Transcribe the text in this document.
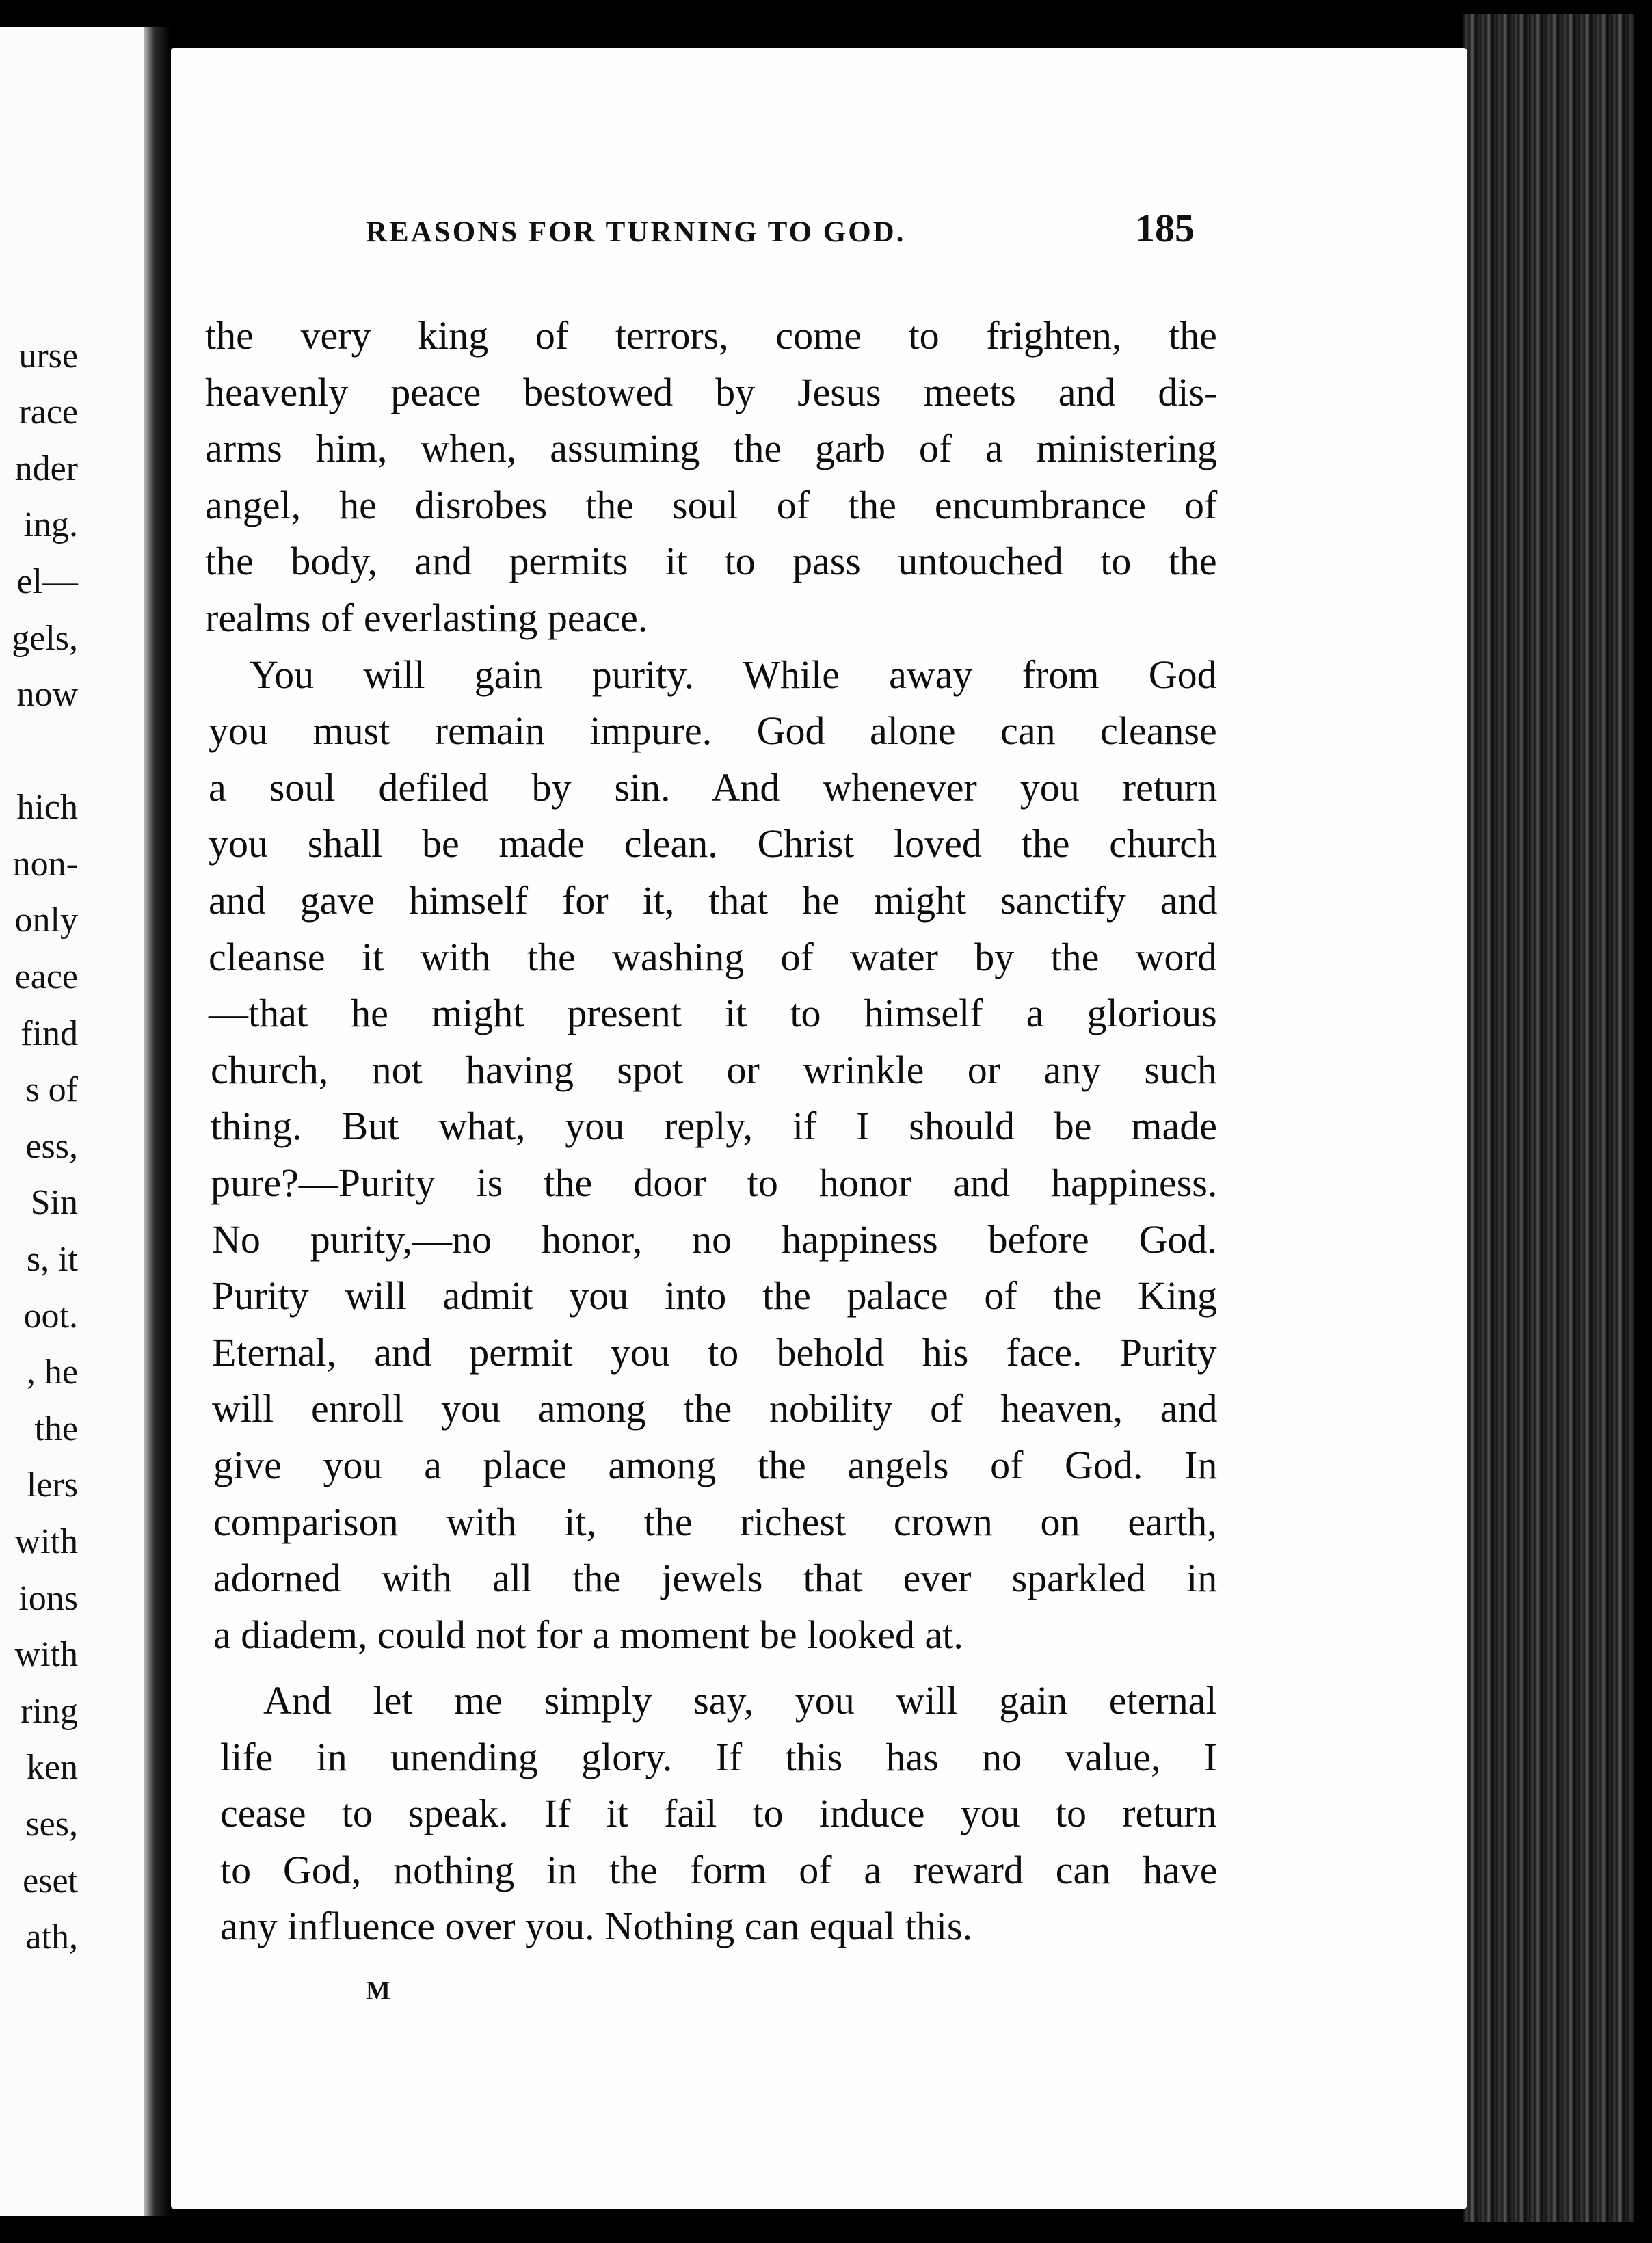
urse
race
nder
ing.
el—
gels,
now
hich
non-
only
eace
find
s of
ess,
Sin
s, it
oot.
, he
the
lers
with
ions
with
ring
ken
ses,
eset
ath,
REASONS FOR TURNING TO GOD.	185
the very king of terrors, come to frighten, the
heavenly peace bestowed by Jesus meets and dis-
arms him, when, assuming the garb of a ministering
angel, he disrobes the soul of the encumbrance of
the body, and permits it to pass untouched to the
realms of everlasting peace.
You will gain purity. While away from God
you must remain impure. God alone can cleanse
a soul defiled by sin. And whenever you return
you shall be made clean. Christ loved the church
and gave himself for it, that he might sanctify and
cleanse it with the washing of water by the word
—that he might present it to himself a glorious
church, not having spot or wrinkle or any such
thing. But what, you reply, if I should be made
pure?—Purity is the door to honor and happiness.
No purity,—no honor, no happiness before God.
Purity will admit you into the palace of the King
Eternal, and permit you to behold his face. Purity
will enroll you among the nobility of heaven, and
give you a place among the angels of God. In
comparison with it, the richest crown on earth,
adorned with all the jewels that ever sparkled in
a diadem, could not for a moment be looked at.
And let me simply say, you will gain eternal
life in unending glory. If this has no value, I
cease to speak. If it fail to induce you to return
to God, nothing in the form of a reward can have
any influence over you. Nothing can equal this.
M
